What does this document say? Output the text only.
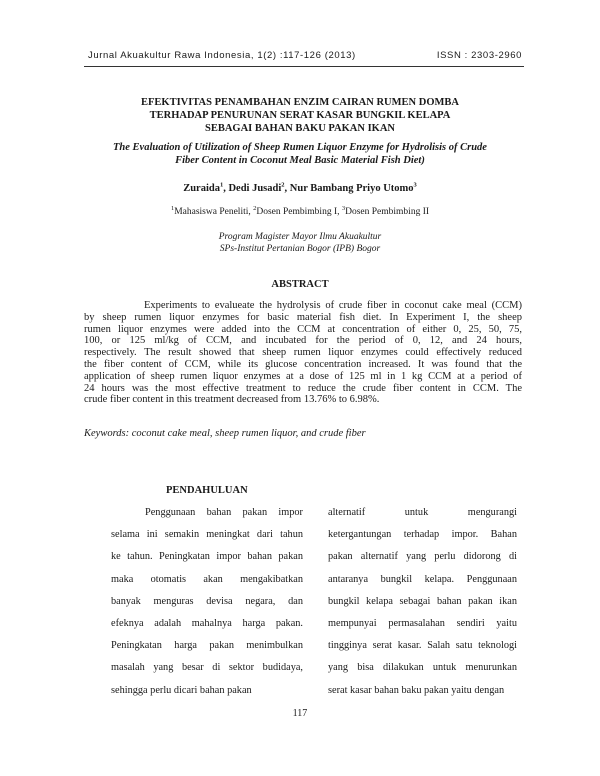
Jurnal Akuakultur Rawa Indonesia, 1(2) :117-126 (2013)	ISSN : 2303-2960
EFEKTIVITAS PENAMBAHAN ENZIM CAIRAN RUMEN DOMBA
TERHADAP PENURUNAN SERAT KASAR BUNGKIL KELAPA
SEBAGAI BAHAN BAKU PAKAN IKAN
The Evaluation of Utilization of Sheep Rumen Liquor Enzyme for Hydrolisis of Crude
Fiber Content in Coconut Meal Basic Material Fish Diet)
Zuraida$^1$, Dedi Jusadi$^2$, Nur Bambang Priyo Utomo$^3$
$^1$Mahasiswa Peneliti, $^2$Dosen Pembimbing I, $^3$Dosen Pembimbing II
Program Magister Mayor Ilmu Akuakultur
SPs-Institut Pertanian Bogor (IPB) Bogor
ABSTRACT
Experiments to evalueate the hydrolysis of crude fiber in coconut cake meal (CCM)
by sheep rumen liquor enzymes for basic material fish diet. In Experiment I, the sheep
rumen liquor enzymes were added into the CCM at concentration of either 0, 25, 50, 75,
100, or 125 ml/kg of CCM, and incubated for the period of 0, 12, and 24 hours,
respectively. The result showed that sheep rumen liquor enzymes could effectively reduced
the fiber content of CCM, while its glucose concentration increased. It was found that the
application of sheep rumen liquor enzymes at a dose of 125 ml in 1 kg CCM at a period of
24 hours was the most effective treatment to reduce the crude fiber content in CCM. The
crude fiber content in this treatment decreased from 13.76% to 6.98%.
Keywords: coconut cake meal, sheep rumen liquor, and crude fiber
PENDAHULUAN
Penggunaan bahan pakan impor
selama ini semakin meningkat dari tahun
ke tahun. Peningkatan impor bahan pakan
maka otomatis akan mengakibatkan
banyak menguras devisa negara, dan
efeknya adalah mahalnya harga pakan.
Peningkatan harga pakan menimbulkan
masalah yang besar di sektor budidaya,
sehingga perlu dicari bahan pakan
alternatif untuk mengurangi
ketergantungan terhadap impor. Bahan
pakan alternatif yang perlu didorong di
antaranya bungkil kelapa. Penggunaan
bungkil kelapa sebagai bahan pakan ikan
mempunyai permasalahan sendiri yaitu
tingginya serat kasar. Salah satu teknologi
yang bisa dilakukan untuk menurunkan
serat kasar bahan baku pakan yaitu dengan
117
